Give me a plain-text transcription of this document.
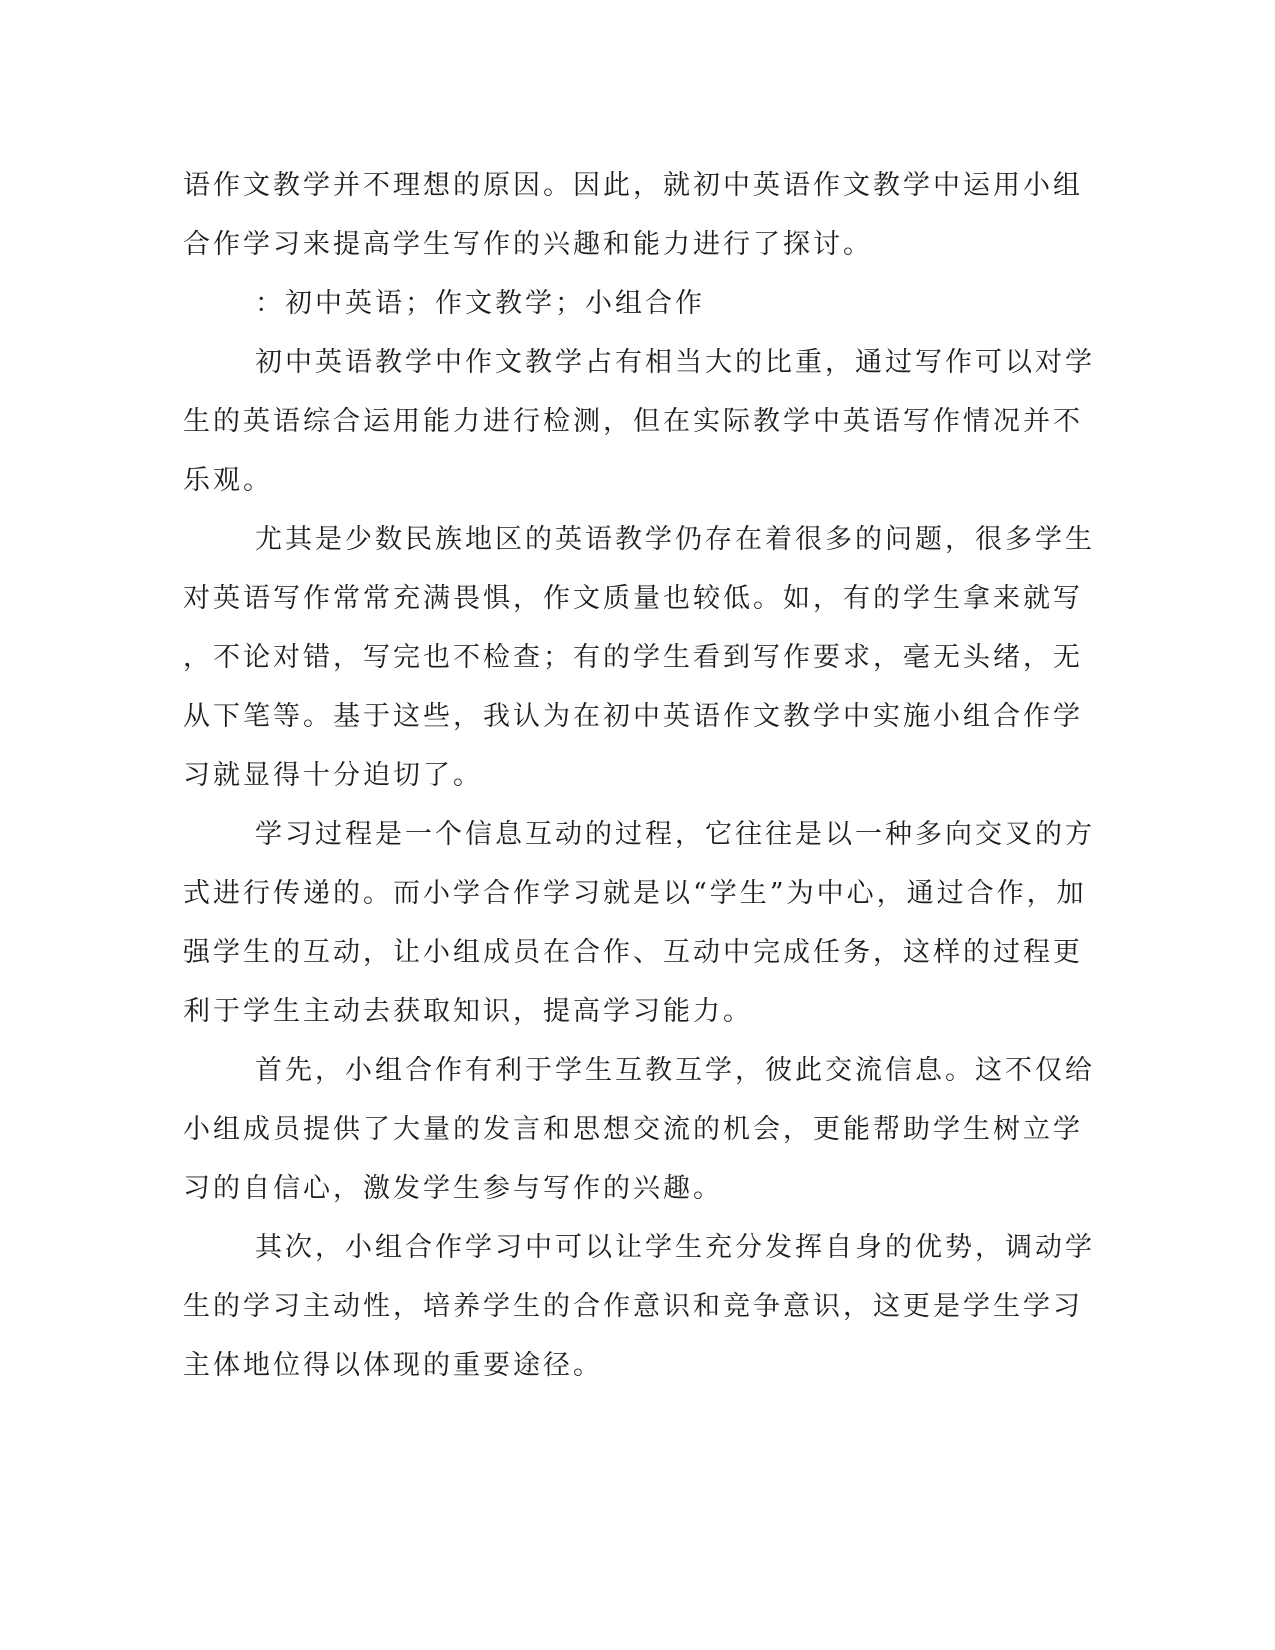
语作文教学并不理想的原因。因此，就初中英语作文教学中运用小组
合作学习来提高学生写作的兴趣和能力进行了探讨。
：初中英语；作文教学；小组合作
初中英语教学中作文教学占有相当大的比重，通过写作可以对学
生的英语综合运用能力进行检测，但在实际教学中英语写作情况并不
乐观。
尤其是少数民族地区的英语教学仍存在着很多的问题，很多学生
对英语写作常常充满畏惧，作文质量也较低。如，有的学生拿来就写
，不论对错，写完也不检查；有的学生看到写作要求，毫无头绪，无
从下笔等。基于这些，我认为在初中英语作文教学中实施小组合作学
习就显得十分迫切了。
学习过程是一个信息互动的过程，它往往是以一种多向交叉的方
式进行传递的。而小学合作学习就是以“学生”为中心，通过合作，加
强学生的互动，让小组成员在合作、互动中完成任务，这样的过程更
利于学生主动去获取知识，提高学习能力。
首先，小组合作有利于学生互教互学，彼此交流信息。这不仅给
小组成员提供了大量的发言和思想交流的机会，更能帮助学生树立学
习的自信心，激发学生参与写作的兴趣。
其次，小组合作学习中可以让学生充分发挥自身的优势，调动学
生的学习主动性，培养学生的合作意识和竞争意识，这更是学生学习
主体地位得以体现的重要途径。
